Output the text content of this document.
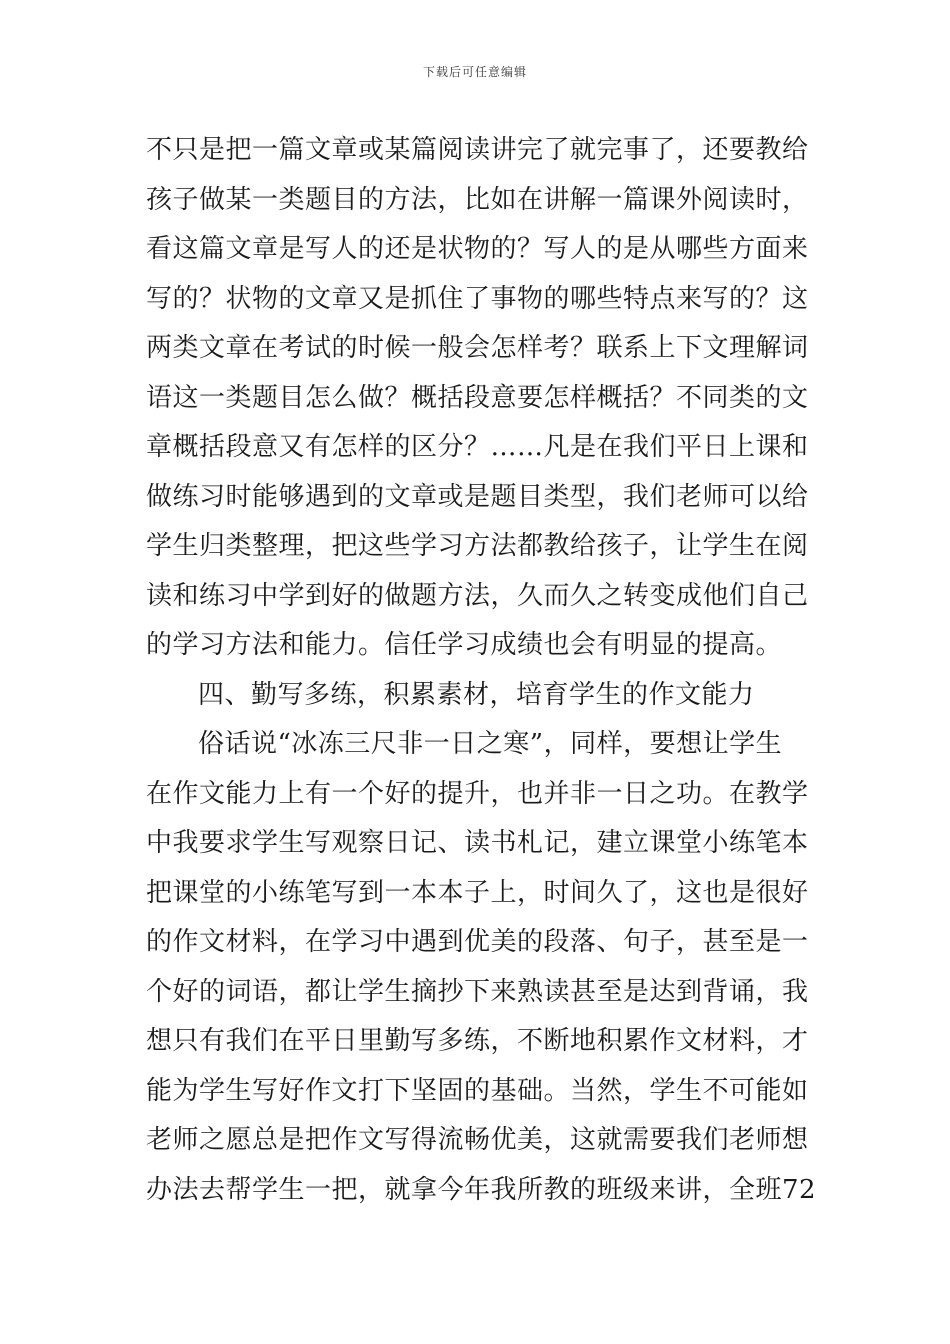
下载后可任意编辑
不只是把一篇文章或某篇阅读讲完了就完事了，还要教给
孩子做某一类题目的方法，比如在讲解一篇课外阅读时，
看这篇文章是写人的还是状物的？写人的是从哪些方面来
写的？状物的文章又是抓住了事物的哪些特点来写的？这
两类文章在考试的时候一般会怎样考？联系上下文理解词
语这一类题目怎么做？概括段意要怎样概括？不同类的文
章概括段意又有怎样的区分？……凡是在我们平日上课和
做练习时能够遇到的文章或是题目类型，我们老师可以给
学生归类整理，把这些学习方法都教给孩子，让学生在阅
读和练习中学到好的做题方法，久而久之转变成他们自己
的学习方法和能力。信任学习成绩也会有明显的提高。
四、勤写多练，积累素材，培育学生的作文能力
俗话说“冰冻三尺非一日之寒”，同样，要想让学生
在作文能力上有一个好的提升，也并非一日之功。在教学
中我要求学生写观察日记、读书札记，建立课堂小练笔本
把课堂的小练笔写到一本本子上，时间久了，这也是很好
的作文材料，在学习中遇到优美的段落、句子，甚至是一
个好的词语，都让学生摘抄下来熟读甚至是达到背诵，我
想只有我们在平日里勤写多练，不断地积累作文材料，才
能为学生写好作文打下坚固的基础。当然，学生不可能如
老师之愿总是把作文写得流畅优美，这就需要我们老师想
办法去帮学生一把，就拿今年我所教的班级来讲，全班72
